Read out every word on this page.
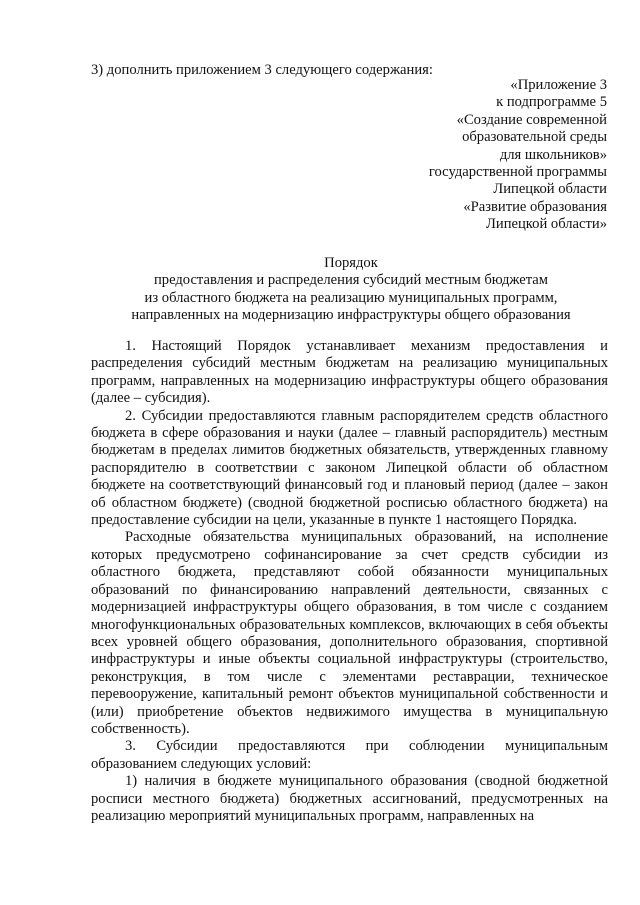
3) дополнить приложением 3 следующего содержания:
«Приложение 3
к подпрограмме 5
«Создание современной
образовательной среды
для школьников»
государственной программы
Липецкой области
«Развитие образования
Липецкой области»
Порядок
предоставления и распределения субсидий местным бюджетам
из областного бюджета на реализацию муниципальных программ,
направленных на модернизацию инфраструктуры общего образования

1. Настоящий Порядок устанавливает механизм предоставления и распределения субсидий местным бюджетам на реализацию муниципальных программ, направленных на модернизацию инфраструктуры общего образования (далее – субсидия).

2. Субсидии предоставляются главным распорядителем средств областного бюджета в сфере образования и науки (далее – главный распорядитель) местным бюджетам в пределах лимитов бюджетных обязательств, утвержденных главному распорядителю в соответствии с законом Липецкой области об областном бюджете на соответствующий финансовый год и плановый период (далее – закон об областном бюджете) (сводной бюджетной росписью областного бюджета) на предоставление субсидии на цели, указанные в пункте 1 настоящего Порядка.

Расходные обязательства муниципальных образований, на исполнение которых предусмотрено софинансирование за счет средств субсидии из областного бюджета, представляют собой обязанности муниципальных образований по финансированию направлений деятельности, связанных с модернизацией инфраструктуры общего образования, в том числе с созданием многофункциональных образовательных комплексов, включающих в себя объекты всех уровней общего образования, дополнительного образования, спортивной инфраструктуры и иные объекты социальной инфраструктуры (строительство, реконструкция, в том числе с элементами реставрации, техническое перевооружение, капитальный ремонт объектов муниципальной собственности и (или) приобретение объектов недвижимого имущества в муниципальную собственность).

3. Субсидии предоставляются при соблюдении муниципальным образованием следующих условий:

1) наличия в бюджете муниципального образования (сводной бюджетной росписи местного бюджета) бюджетных ассигнований, предусмотренных на реализацию мероприятий муниципальных программ, направленных на
